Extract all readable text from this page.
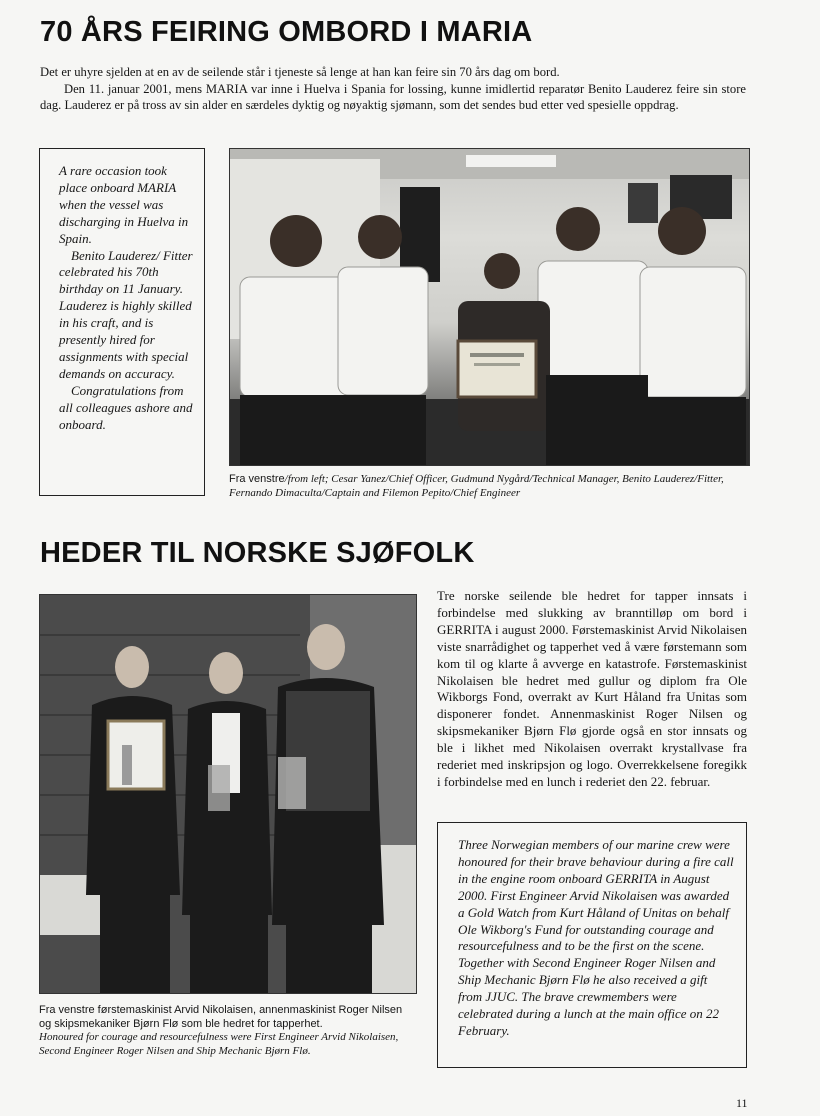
70 ÅRS FEIRING OMBORD I MARIA

Det er uhyre sjelden at en av de seilende står i tjeneste så lenge at han kan feire sin 70 års dag om bord.

Den 11. januar 2001, mens MARIA var inne i Huelva i Spania for lossing, kunne imidlertid reparatør Benito Lauderez feire sin store dag. Lauderez er på tross av sin alder en særdeles dyktig og nøyaktig sjømann, som det sendes bud etter ved spesielle oppdrag.

A rare occasion took place onboard MARIA when the vessel was discharging in Huelva in Spain.

Benito Lauderez/ Fitter celebrated his 70th birthday on 11 January. Lauderez is highly skilled in his craft, and is presently hired for assignments with special demands on accuracy.

Congratulations from all colleagues ashore and onboard.

Fra venstre/from left; Cesar Yanez/Chief Officer, Gudmund Nygård/Technical Manager, Benito Lauderez/Fitter, Fernando Dimaculta/Captain and Filemon Pepito/Chief Engineer
HEDER TIL NORSKE SJØFOLK
Fra venstre førstemaskinist Arvid Nikolaisen, annenmaskinist Roger Nilsen og skipsmekaniker Bjørn Flø som ble hedret for tapperhet.
Honoured for courage and resourcefulness were First Engineer Arvid Nikolaisen, Second Engineer Roger Nilsen and Ship Mechanic Bjørn Flø.
Tre norske seilende ble hedret for tapper innsats i forbindelse med slukking av branntilløp om bord i GERRITA i august 2000. Førstemaskinist Arvid Nikolaisen viste snarrådighet og tapperhet ved å være førstemann som kom til og klarte å avverge en katastrofe. Førstemaskinist Nikolaisen ble hedret med gullur og diplom fra Ole Wikborgs Fond, overrakt av Kurt Håland fra Unitas som disponerer fondet. Annenmaskinist Roger Nilsen og skipsmekaniker Bjørn Flø gjorde også en stor innsats og ble i likhet med Nikolaisen overrakt krystallvase fra rederiet med inskripsjon og logo. Overrekkelsene foregikk i forbindelse med en lunch i rederiet den 22. februar.

Three Norwegian members of our marine crew were honoured for their brave behaviour during a fire call in the engine room onboard GERRITA in August 2000. First Engineer Arvid Nikolaisen was awarded a Gold Watch from Kurt Håland of Unitas on behalf Ole Wikborg's Fund for outstanding courage and resourcefulness and to be the first on the scene. Together with Second Engineer Roger Nilsen and Ship Mechanic Bjørn Flø he also received a gift from JJUC. The brave crewmembers were celebrated during a lunch at the main office on 22 February.

11
